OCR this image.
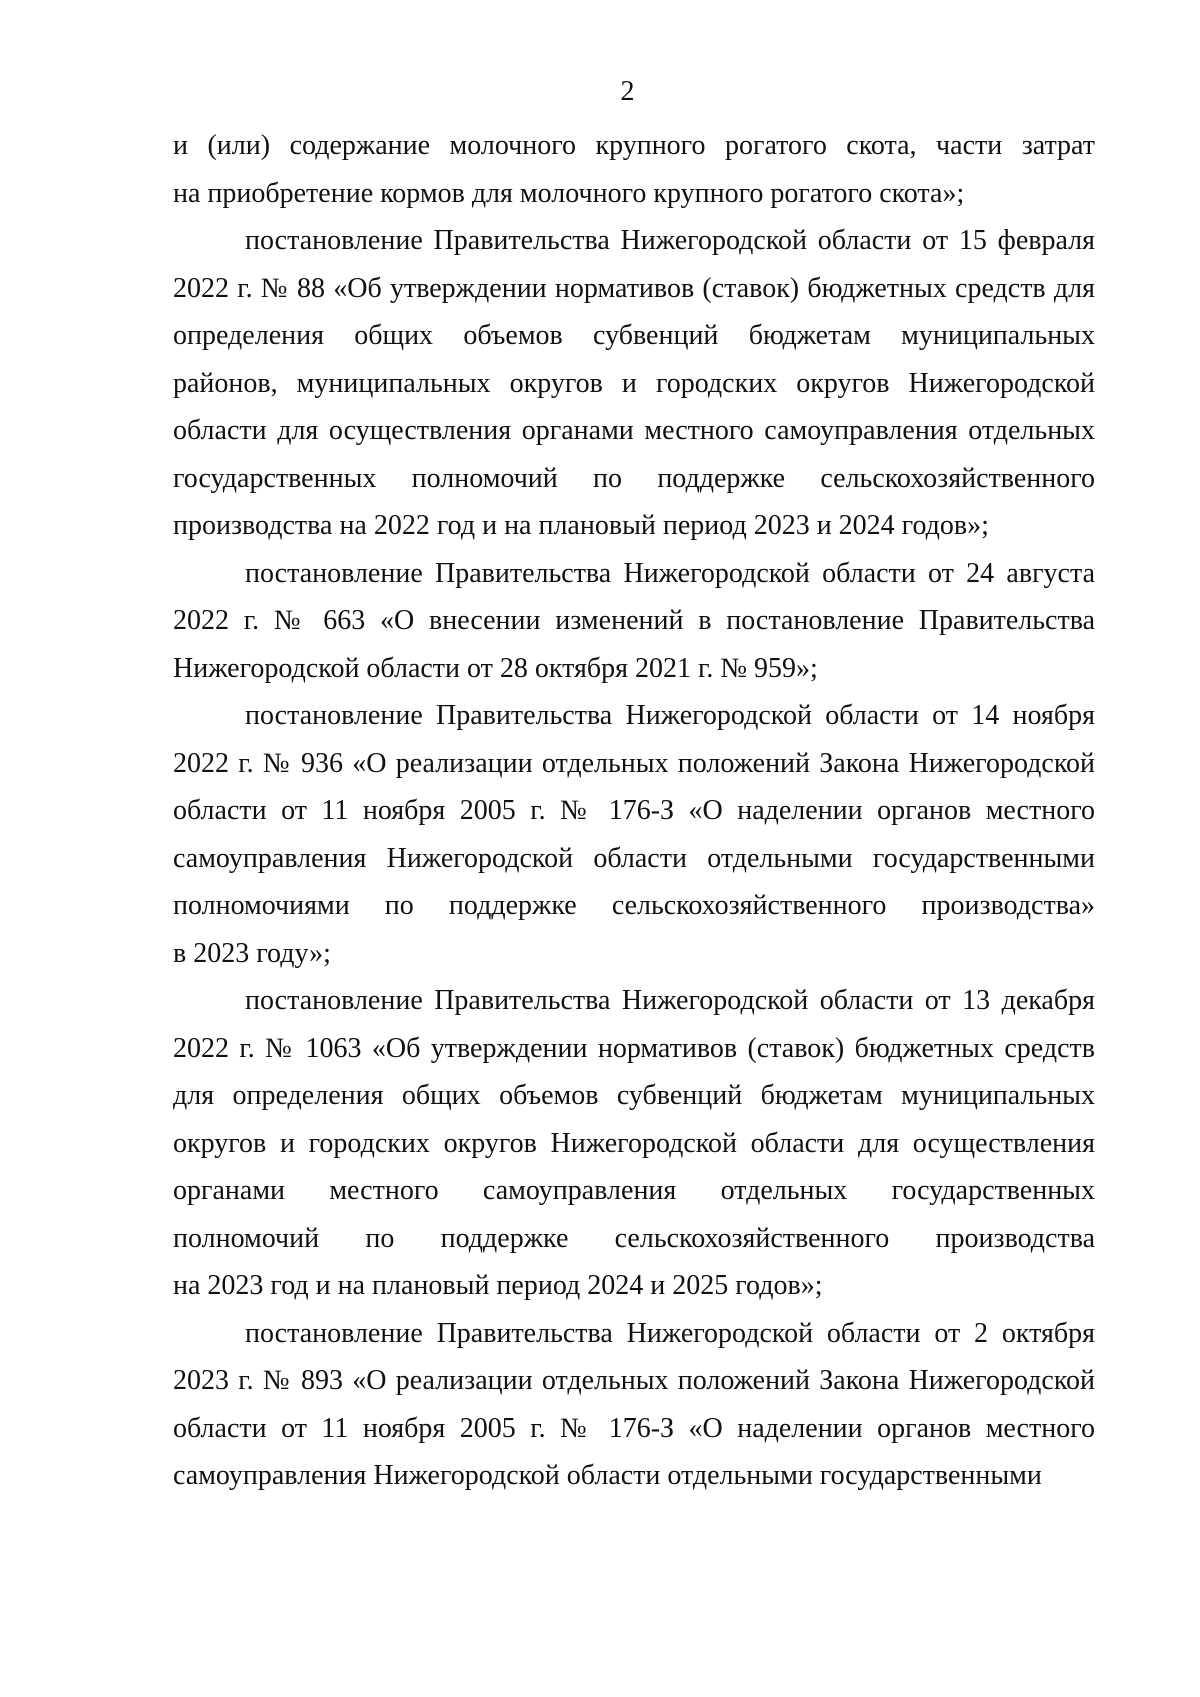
2
и (или) содержание молочного крупного рогатого скота, части затрат
на приобретение кормов для молочного крупного рогатого скота»;
постановление Правительства Нижегородской области от 15 февраля
2022 г. № 88 «Об утверждении нормативов (ставок) бюджетных средств для
определения общих объемов субвенций бюджетам муниципальных
районов, муниципальных округов и городских округов Нижегородской
области для осуществления органами местного самоуправления отдельных
государственных полномочий по поддержке сельскохозяйственного
производства на 2022 год и на плановый период 2023 и 2024 годов»;
постановление Правительства Нижегородской области от 24 августа
2022 г. № 663 «О внесении изменений в постановление Правительства
Нижегородской области от 28 октября 2021 г. № 959»;
постановление Правительства Нижегородской области от 14 ноября
2022 г. № 936 «О реализации отдельных положений Закона Нижегородской
области от 11 ноября 2005 г. № 176-З «О наделении органов местного
самоуправления Нижегородской области отдельными государственными
полномочиями по поддержке сельскохозяйственного производства»
в 2023 году»;
постановление Правительства Нижегородской области от 13 декабря
2022 г. № 1063 «Об утверждении нормативов (ставок) бюджетных средств
для определения общих объемов субвенций бюджетам муниципальных
округов и городских округов Нижегородской области для осуществления
органами местного самоуправления отдельных государственных
полномочий по поддержке сельскохозяйственного производства
на 2023 год и на плановый период 2024 и 2025 годов»;
постановление Правительства Нижегородской области от 2 октября
2023 г. № 893 «О реализации отдельных положений Закона Нижегородской
области от 11 ноября 2005 г. № 176-З «О наделении органов местного
самоуправления Нижегородской области отдельными государственными
